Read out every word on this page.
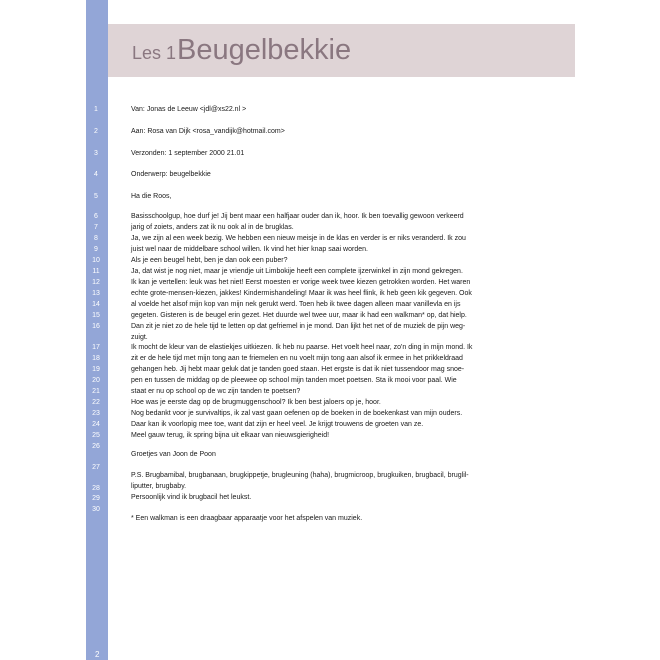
Les 1 Beugelbekkie
1
2
3
4
5
6
7
8
9
10
11
12
13
14
15
16
17
18
19
20
21
22
23
24
25
26
27
28
29
30
Van: Jonas de Leeuw <jdl@xs22.nl >
Aan: Rosa van Dijk <rosa_vandijk@hotmail.com>
Verzonden: 1 september 2000 21.01
Onderwerp: beugelbekkie
Ha die Roos,
Basisschoolgup, hoe durf je! Jij bent maar een halfjaar ouder dan ik, hoor. Ik ben toevallig gewoon verkeerd
jarig of zoiets, anders zat ik nu ook al in de brugklas.
Ja, we zijn al een week bezig. We hebben een nieuw meisje in de klas en verder is er niks veranderd. Ik zou
juist wel naar de middelbare school willen. Ik vind het hier knap saai worden.
Als je een beugel hebt, ben je dan ook een puber?
Ja, dat wist je nog niet, maar je vriendje uit Limbokije heeft een complete ijzerwinkel in zijn mond gekregen.
Ik kan je vertellen: leuk was het niet! Eerst moesten er vorige week twee kiezen getrokken worden. Het waren
echte grote-mensen-kiezen, jakkes! Kindermishandeling! Maar ik was heel flink, ik heb geen kik gegeven. Ook
al voelde het alsof mijn kop van mijn nek gerukt werd. Toen heb ik twee dagen alleen maar vanillevla en ijs
gegeten. Gisteren is de beugel erin gezet. Het duurde wel twee uur, maar ik had een walkman* op, dat hielp.
Dan zit je niet zo de hele tijd te letten op dat gefriemel in je mond. Dan lijkt het net of de muziek de pijn weg-
zuigt.
Ik mocht de kleur van de elastiekjes uitkiezen. Ik heb nu paarse. Het voelt heel naar, zo'n ding in mijn mond. Ik
zit er de hele tijd met mijn tong aan te friemelen en nu voelt mijn tong aan alsof ik ermee in het prikkeldraad
gehangen heb. Jij hebt maar geluk dat je tanden goed staan. Het ergste is dat ik niet tussendoor mag snoe-
pen en tussen de middag op de pleewee op school mijn tanden moet poetsen. Sta ik mooi voor paal. Wie
staat er nu op school op de wc zijn tanden te poetsen?
Hoe was je eerste dag op de brugmuggenschool? Ik ben best jaloers op je, hoor.
Nog bedankt voor je survivaltips, ik zal vast gaan oefenen op de boeken in de boekenkast van mijn ouders.
Daar kan ik voorlopig mee toe, want dat zijn er heel veel. Je krijgt trouwens de groeten van ze.
Meel gauw terug, ik spring bijna uit elkaar van nieuwsgierigheid!
Groetjes van Joon de Poon
P.S. Brugbamibal, brugbanaan, brugkippetje, brugleuning (haha), brugmicroop, brugkuiken, brugbacil, bruglil-
liputter, brugbaby.
Persoonlijk vind ik brugbacil het leukst.
* Een walkman is een draagbaar apparaatje voor het afspelen van muziek.
2
